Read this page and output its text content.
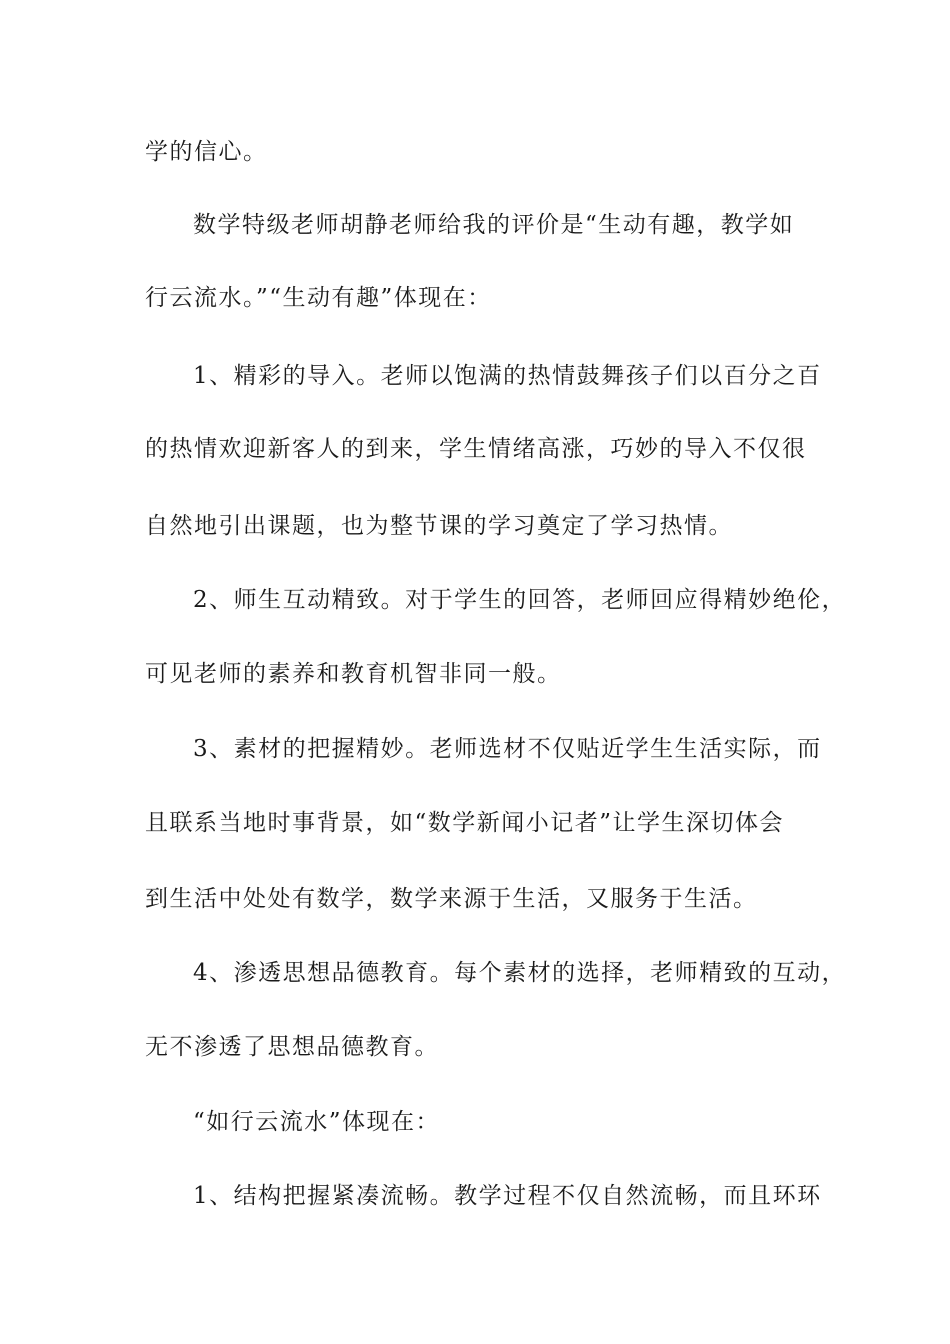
学的信心。
数学特级老师胡静老师给我的评价是“生动有趣，教学如
行云流水。”“生动有趣”体现在：
1、精彩的导入。老师以饱满的热情鼓舞孩子们以百分之百
的热情欢迎新客人的到来，学生情绪高涨，巧妙的导入不仅很
自然地引出课题，也为整节课的学习奠定了学习热情。
2、师生互动精致。对于学生的回答，老师回应得精妙绝伦，
可见老师的素养和教育机智非同一般。
3、素材的把握精妙。老师选材不仅贴近学生生活实际，而
且联系当地时事背景，如“数学新闻小记者”让学生深切体会
到生活中处处有数学，数学来源于生活，又服务于生活。
4、渗透思想品德教育。每个素材的选择，老师精致的互动，
无不渗透了思想品德教育。
“如行云流水”体现在：
1、结构把握紧凑流畅。教学过程不仅自然流畅，而且环环
